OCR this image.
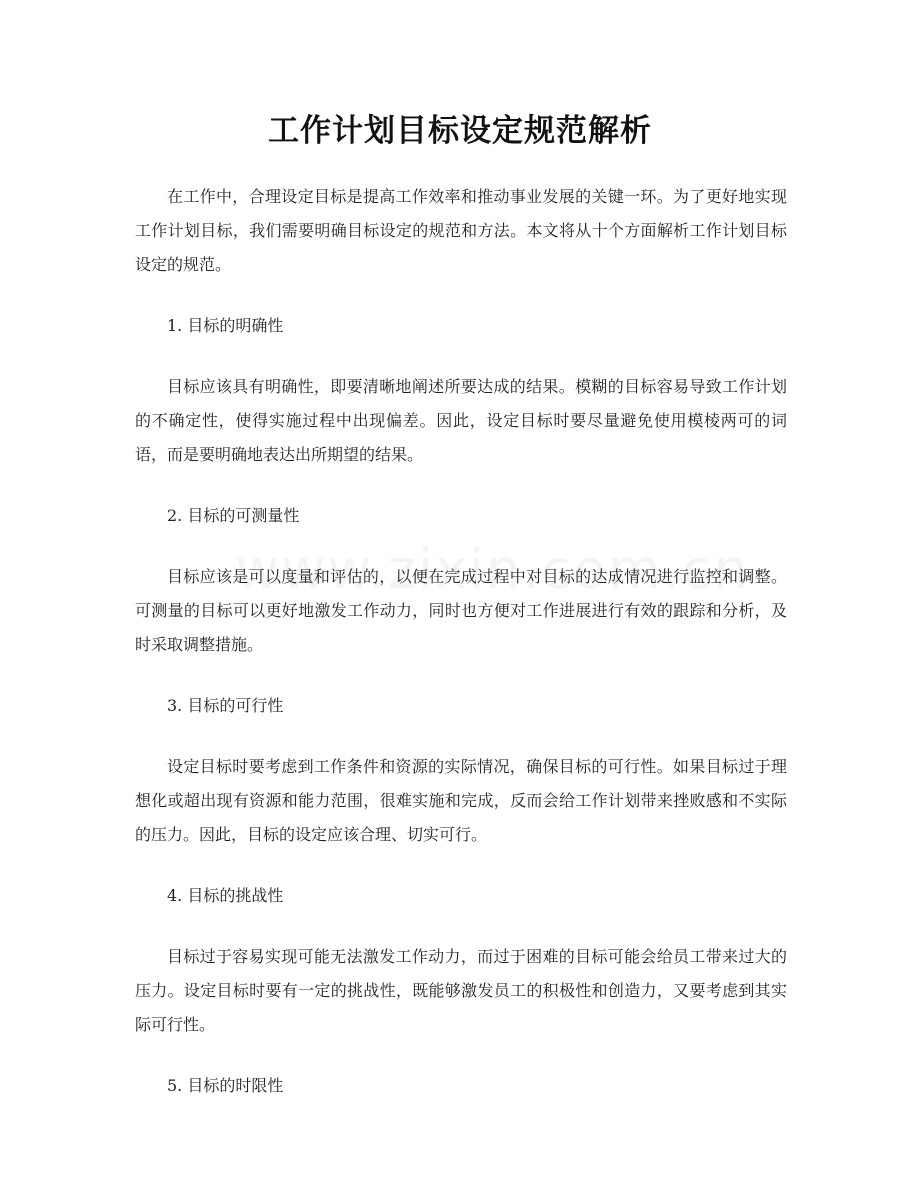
工作计划目标设定规范解析

在工作中，合理设定目标是提高工作效率和推动事业发展的关键一环。为了更好地实现工作计划目标，我们需要明确目标设定的规范和方法。本文将从十个方面解析工作计划目标设定的规范。

1. 目标的明确性

目标应该具有明确性，即要清晰地阐述所要达成的结果。模糊的目标容易导致工作计划的不确定性，使得实施过程中出现偏差。因此，设定目标时要尽量避免使用模棱两可的词语，而是要明确地表达出所期望的结果。

2. 目标的可测量性

目标应该是可以度量和评估的，以便在完成过程中对目标的达成情况进行监控和调整。可测量的目标可以更好地激发工作动力，同时也方便对工作进展进行有效的跟踪和分析，及时采取调整措施。

3. 目标的可行性

设定目标时要考虑到工作条件和资源的实际情况，确保目标的可行性。如果目标过于理想化或超出现有资源和能力范围，很难实施和完成，反而会给工作计划带来挫败感和不实际的压力。因此，目标的设定应该合理、切实可行。

4. 目标的挑战性

目标过于容易实现可能无法激发工作动力，而过于困难的目标可能会给员工带来过大的压力。设定目标时要有一定的挑战性，既能够激发员工的积极性和创造力，又要考虑到其实际可行性。

5. 目标的时限性
